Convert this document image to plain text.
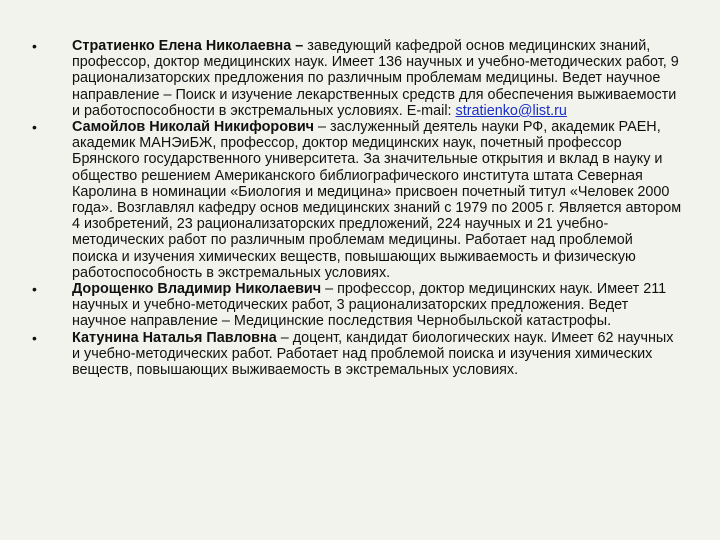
• Стратиенко Елена Николаевна – заведующий кафедрой основ медицинских знаний, профессор, доктор медицинских наук. Имеет 136 научных и учебно-методических работ, 9 рационализаторских предложения по различным проблемам медицины. Ведет научное направление – Поиск и изучение лекарственных средств для обеспечения выживаемости и работоспособности в экстремальных условиях. E-mail: stratienko@list.ru
• Самойлов Николай Никифорович – заслуженный деятель науки РФ, академик РАЕН, академик МАНЭиБЖ, профессор, доктор медицинских наук, почетный профессор Брянского государственного университета. За значительные открытия и вклад в науку и общество решением Американского библиографического института штата Северная Каролина в номинации «Биология и медицина» присвоен почетный титул «Человек 2000 года». Возглавлял кафедру основ медицинских знаний с 1979 по 2005 г. Является автором 4 изобретений, 23 рационализаторских предложений, 224 научных и 21 учебно-методических работ по различным проблемам медицины. Работает над проблемой поиска и изучения химических веществ, повышающих выживаемость и физическую работоспособность в экстремальных условиях.
• Дорощенко Владимир Николаевич – профессор, доктор медицинских наук. Имеет 211 научных и учебно-методических работ, 3 рационализаторских предложения. Ведет научное направление – Медицинские последствия Чернобыльской катастрофы.
• Катунина Наталья Павловна – доцент, кандидат биологических наук. Имеет 62 научных и учебно-методических работ. Работает над проблемой поиска и изучения химических веществ, повышающих выживаемость в экстремальных условиях.
